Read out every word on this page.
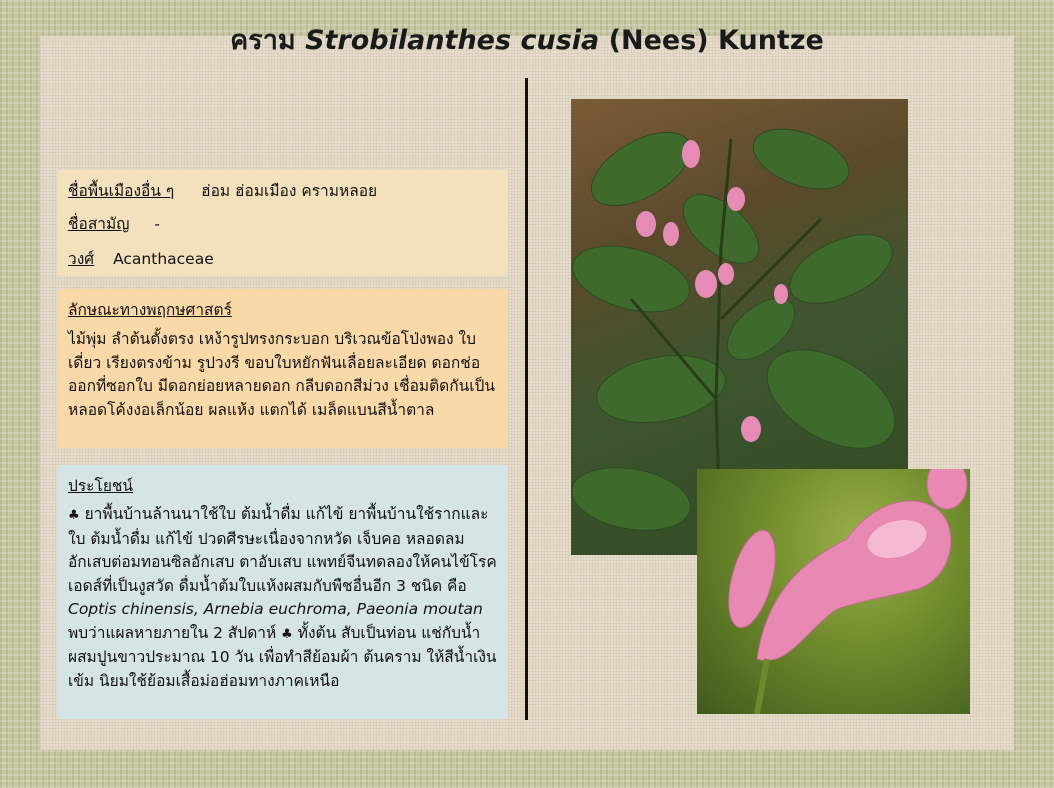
คราม Strobilanthes cusia (Nees) Kuntze
ชื่อพื้นเมืองอื่น ๆ ฮ่อม ฮ่อมเมือง ครามหลอย
ชื่อสามัญ -
วงศ์ Acanthaceae
ลักษณะทางพฤกษศาสตร์
ไม้พุ่ม ลำต้นตั้งตรง เหง้ารูปทรงกระบอก บริเวณข้อโป่งพอง ใบเดี่ยว เรียงตรงข้าม รูปวงรี ขอบใบหยักฟันเลื่อยละเอียด ดอกช่อ ออกที่ซอกใบ มีดอกย่อยหลายดอก กลีบดอกสีม่วง เชื่อมติดกันเป็นหลอดโค้งงอเล็กน้อย ผลแห้ง แตกได้ เมล็ดแบนสีน้ำตาล
ประโยชน์
♣ ยาพื้นบ้านล้านนาใช้ใบ ต้มน้ำดื่ม แก้ไข้ ยาพื้นบ้านใช้รากและใบ ต้มน้ำดื่ม แก้ไข้ ปวดศีรษะเนื่องจากหวัด เจ็บคอ หลอดลมอักเสบต่อมทอนซิลอักเสบ ตาอับเสบ แพทย์จีนทดลองให้คนไข้โรคเอดส์ที่เป็นงูสวัด ดื่มน้ำต้มใบแห้งผสมกับพืชอื่นอีก 3 ชนิด คือ Coptis chinensis, Arnebia euchroma, Paeonia moutan พบว่าแผลหายภายใน 2 สัปดาห์ ♣ ทั้งต้น สับเป็นท่อน แช่กับน้ำผสมปูนขาวประมาณ 10 วัน เพื่อทำสีย้อมผ้า ต้นคราม ให้สีน้ำเงินเข้ม นิยมใช้ย้อมเสื้อม่อฮ่อมทางภาคเหนือ
